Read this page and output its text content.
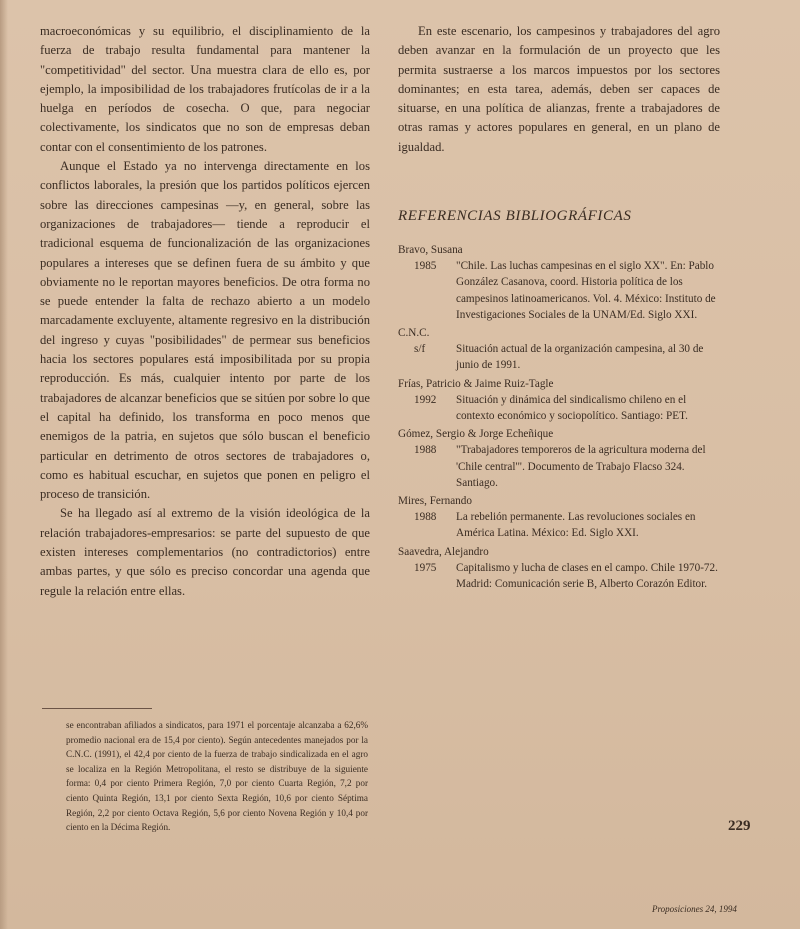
macroeconómicas y su equilibrio, el disciplinamiento de la fuerza de trabajo resulta fundamental para mantener la "competitividad" del sector. Una muestra clara de ello es, por ejemplo, la imposibilidad de los trabajadores frutícolas de ir a la huelga en períodos de cosecha. O que, para negociar colectivamente, los sindicatos que no son de empresas deban contar con el consentimiento de los patrones.

Aunque el Estado ya no intervenga directamente en los conflictos laborales, la presión que los partidos políticos ejercen sobre las direcciones campesinas —y, en general, sobre las organizaciones de trabajadores— tiende a reproducir el tradicional esquema de funcionalización de las organizaciones populares a intereses que se definen fuera de su ámbito y que obviamente no le reportan mayores beneficios. De otra forma no se puede entender la falta de rechazo abierto a un modelo marcadamente excluyente, altamente regresivo en la distribución del ingreso y cuyas "posibilidades" de permear sus beneficios hacia los sectores populares está imposibilitada por su propia reproducción. Es más, cualquier intento por parte de los trabajadores de alcanzar beneficios que se sitúen por sobre lo que el capital ha definido, los transforma en poco menos que enemigos de la patria, en sujetos que sólo buscan el beneficio particular en detrimento de otros sectores de trabajadores o, como es habitual escuchar, en sujetos que ponen en peligro el proceso de transición.

Se ha llegado así al extremo de la visión ideológica de la relación trabajadores-empresarios: se parte del supuesto de que existen intereses complementarios (no contradictorios) entre ambas partes, y que sólo es preciso concordar una agenda que regule la relación entre ellas.

se encontraban afiliados a sindicatos, para 1971 el porcentaje alcanzaba a 62,6% promedio nacional era de 15,4 por ciento). Según antecedentes manejados por la C.N.C. (1991), el 42,4 por ciento de la fuerza de trabajo sindicalizada en el agro se localiza en la Región Metropolitana, el resto se distribuye de la siguiente forma: 0,4 por ciento Primera Región, 7,0 por ciento Cuarta Región, 7,2 por ciento Quinta Región, 13,1 por ciento Sexta Región, 10,6 por ciento Séptima Región, 2,2 por ciento Octava Región, 5,6 por ciento Novena Región y 10,4 por ciento en la Décima Región.

En este escenario, los campesinos y trabajadores del agro deben avanzar en la formulación de un proyecto que les permita sustraerse a los marcos impuestos por los sectores dominantes; en esta tarea, además, deben ser capaces de situarse, en una política de alianzas, frente a trabajadores de otras ramas y actores populares en general, en un plano de igualdad.

REFERENCIAS BIBLIOGRÁFICAS

Bravo, Susana

1985 "Chile. Las luchas campesinas en el siglo XX". En: Pablo González Casanova, coord. Historia política de los campesinos latinoamericanos. Vol. 4. México: Instituto de Investigaciones Sociales de la UNAM/Ed. Siglo XXI.

C.N.C.

s/f	Situación actual de la organización campesina, al 30 de junio de 1991.

Frías, Patricio & Jaime Ruiz-Tagle

1992 Situación y dinámica del sindicalismo chileno en el contexto económico y sociopolítico. Santiago: PET.

Gómez, Sergio & Jorge Echeñique

1988 "Trabajadores temporeros de la agricultura moderna del 'Chile central'". Documento de Trabajo Flacso 324. Santiago.

Mires, Fernando

1988 La rebelión permanente. Las revoluciones sociales en América Latina. México: Ed. Siglo XXI.

Saavedra, Alejandro

1975 Capitalismo y lucha de clases en el campo. Chile 1970-72. Madrid: Comunicación serie B, Alberto Corazón Editor.
229
Proposiciones 24, 1994
